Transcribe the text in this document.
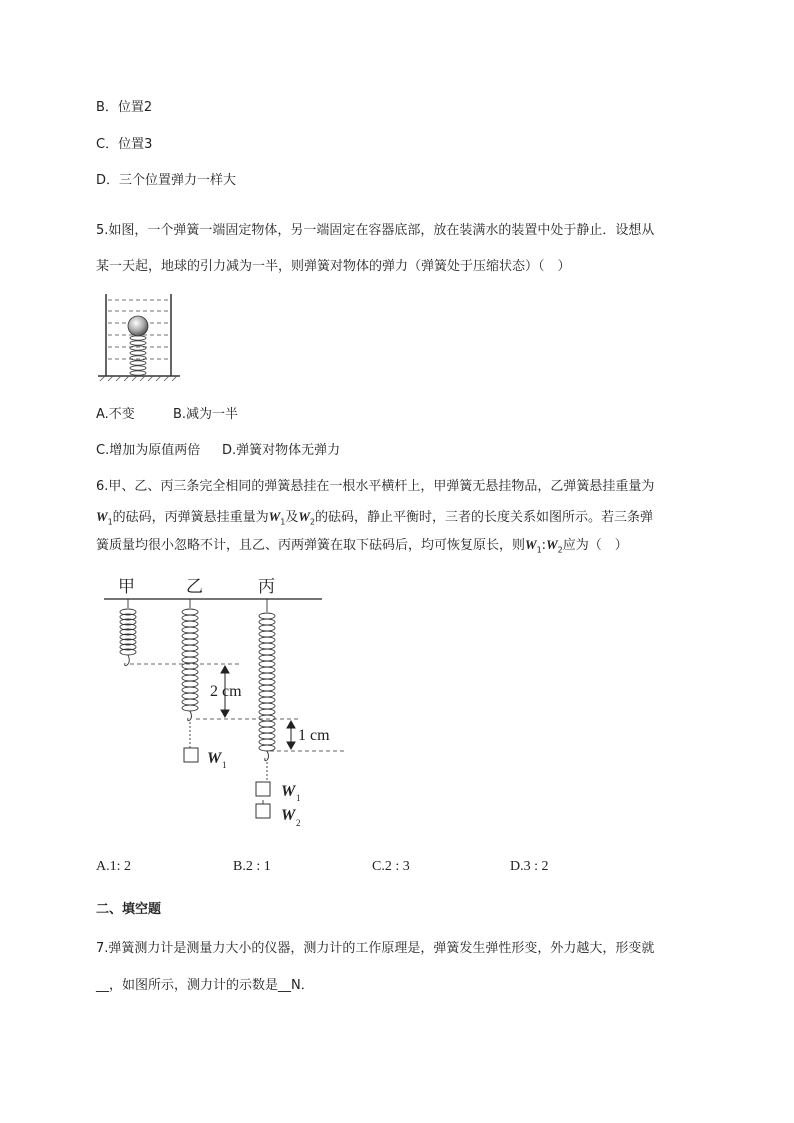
B．位置2
C．位置3
D．三个位置弹力一样大
5.如图，一个弹簧一端固定物体，另一端固定在容器底部，放在装满水的装置中处于静止．设想从
某一天起，地球的引力减为一半，则弹簧对物体的弹力（弹簧处于压缩状态）（　）
A.不变	B.减为一半
C.增加为原值两倍 D.弹簧对物体无弹力
6.甲、乙、丙三条完全相同的弹簧悬挂在一根水平横杆上，甲弹簧无悬挂物品，乙弹簧悬挂重量为
$W_1$的砝码，丙弹簧悬挂重量为$W_1$及$W_2$的砝码，静止平衡时，三者的长度关系如图所示。若三条弹
簧质量均很小忽略不计，且乙、丙两弹簧在取下砝码后，均可恢复原长，则$W_1:W_2$应为（　）
甲	乙	丙
W 1
W 1
W 2
2 cm
1 cm
A.1: 2	B.2 : 1	C.2 : 3	D.3 : 2
二、填空题
7.弹簧测力计是测量力大小的仪器，测力计的工作原理是，弹簧发生弹性形变，外力越大，形变就
__，如图所示，测力计的示数是__N．
